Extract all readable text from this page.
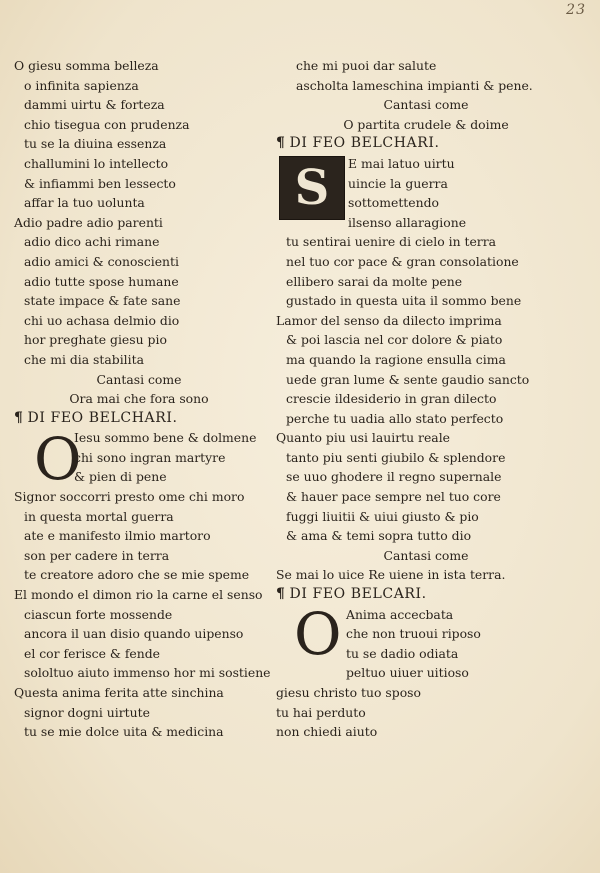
23
O giesu somma belleza
o infinita sapienza
dammi uirtu & forteza
chio tisegua con prudenza
tu se la diuina essenza
challumini lo intellecto
& infiammi ben lessecto
affar la tuo uolunta
Adio padre adio parenti
adio dico achi rimane
adio amici & conoscienti
adio tutte spose humane
state impace & fate sane
chi uo achasa delmio dio
hor preghate giesu pio
che mi dia stabilita
Cantasi come
Ora mai che fora sono
¶ DI FEO BELCHARI.
O
Iesu sommo bene & dolmene
chi sono ingran martyre
& pien di pene
Signor soccorri presto ome chi moro
in questa mortal guerra
ate e manifesto ilmio martoro
son per cadere in terra
te creatore adoro che se mie speme
El mondo el dimon rio la carne el senso
ciascun forte mossende
ancora il uan disio quando uipenso
el cor ferisce & fende
sololtuo aiuto immenso hor mi sostiene
Questa anima ferita atte sinchina
signor dogni uirtute
tu se mie dolce uita & medicina
che mi puoi dar salute
ascholta lameschina impianti & pene.
Cantasi come
O partita crudele & doime
¶ DI FEO BELCHARI.
S	E mai latuo uirtu
uincie la guerra
sottomettendo
ilsenso allaragione
tu sentirai uenire di cielo in terra
nel tuo cor pace & gran consolatione
ellibero sarai da molte pene
gustado in questa uita il sommo bene
Lamor del senso da dilecto imprima
& poi lascia nel cor dolore & piato
ma quando la ragione ensulla cima
uede gran lume & sente gaudio sancto
crescie ildesiderio in gran dilecto
perche tu uadia allo stato perfecto
Quanto piu usi lauirtu reale
tanto piu senti giubilo & splendore
se uuo ghodere il regno supernale
& hauer pace sempre nel tuo core
fuggi liuitii & uiui giusto & pio
& ama & temi sopra tutto dio
Cantasi come
Se mai lo uice Re uiene in ista terra.
¶ DI FEO BELCARI.
O Anima accecbata
che non truoui riposo
tu se dadio odiata
peltuo uiuer uitioso
giesu christo tuo sposo
tu hai perduto
non chiedi aiuto
